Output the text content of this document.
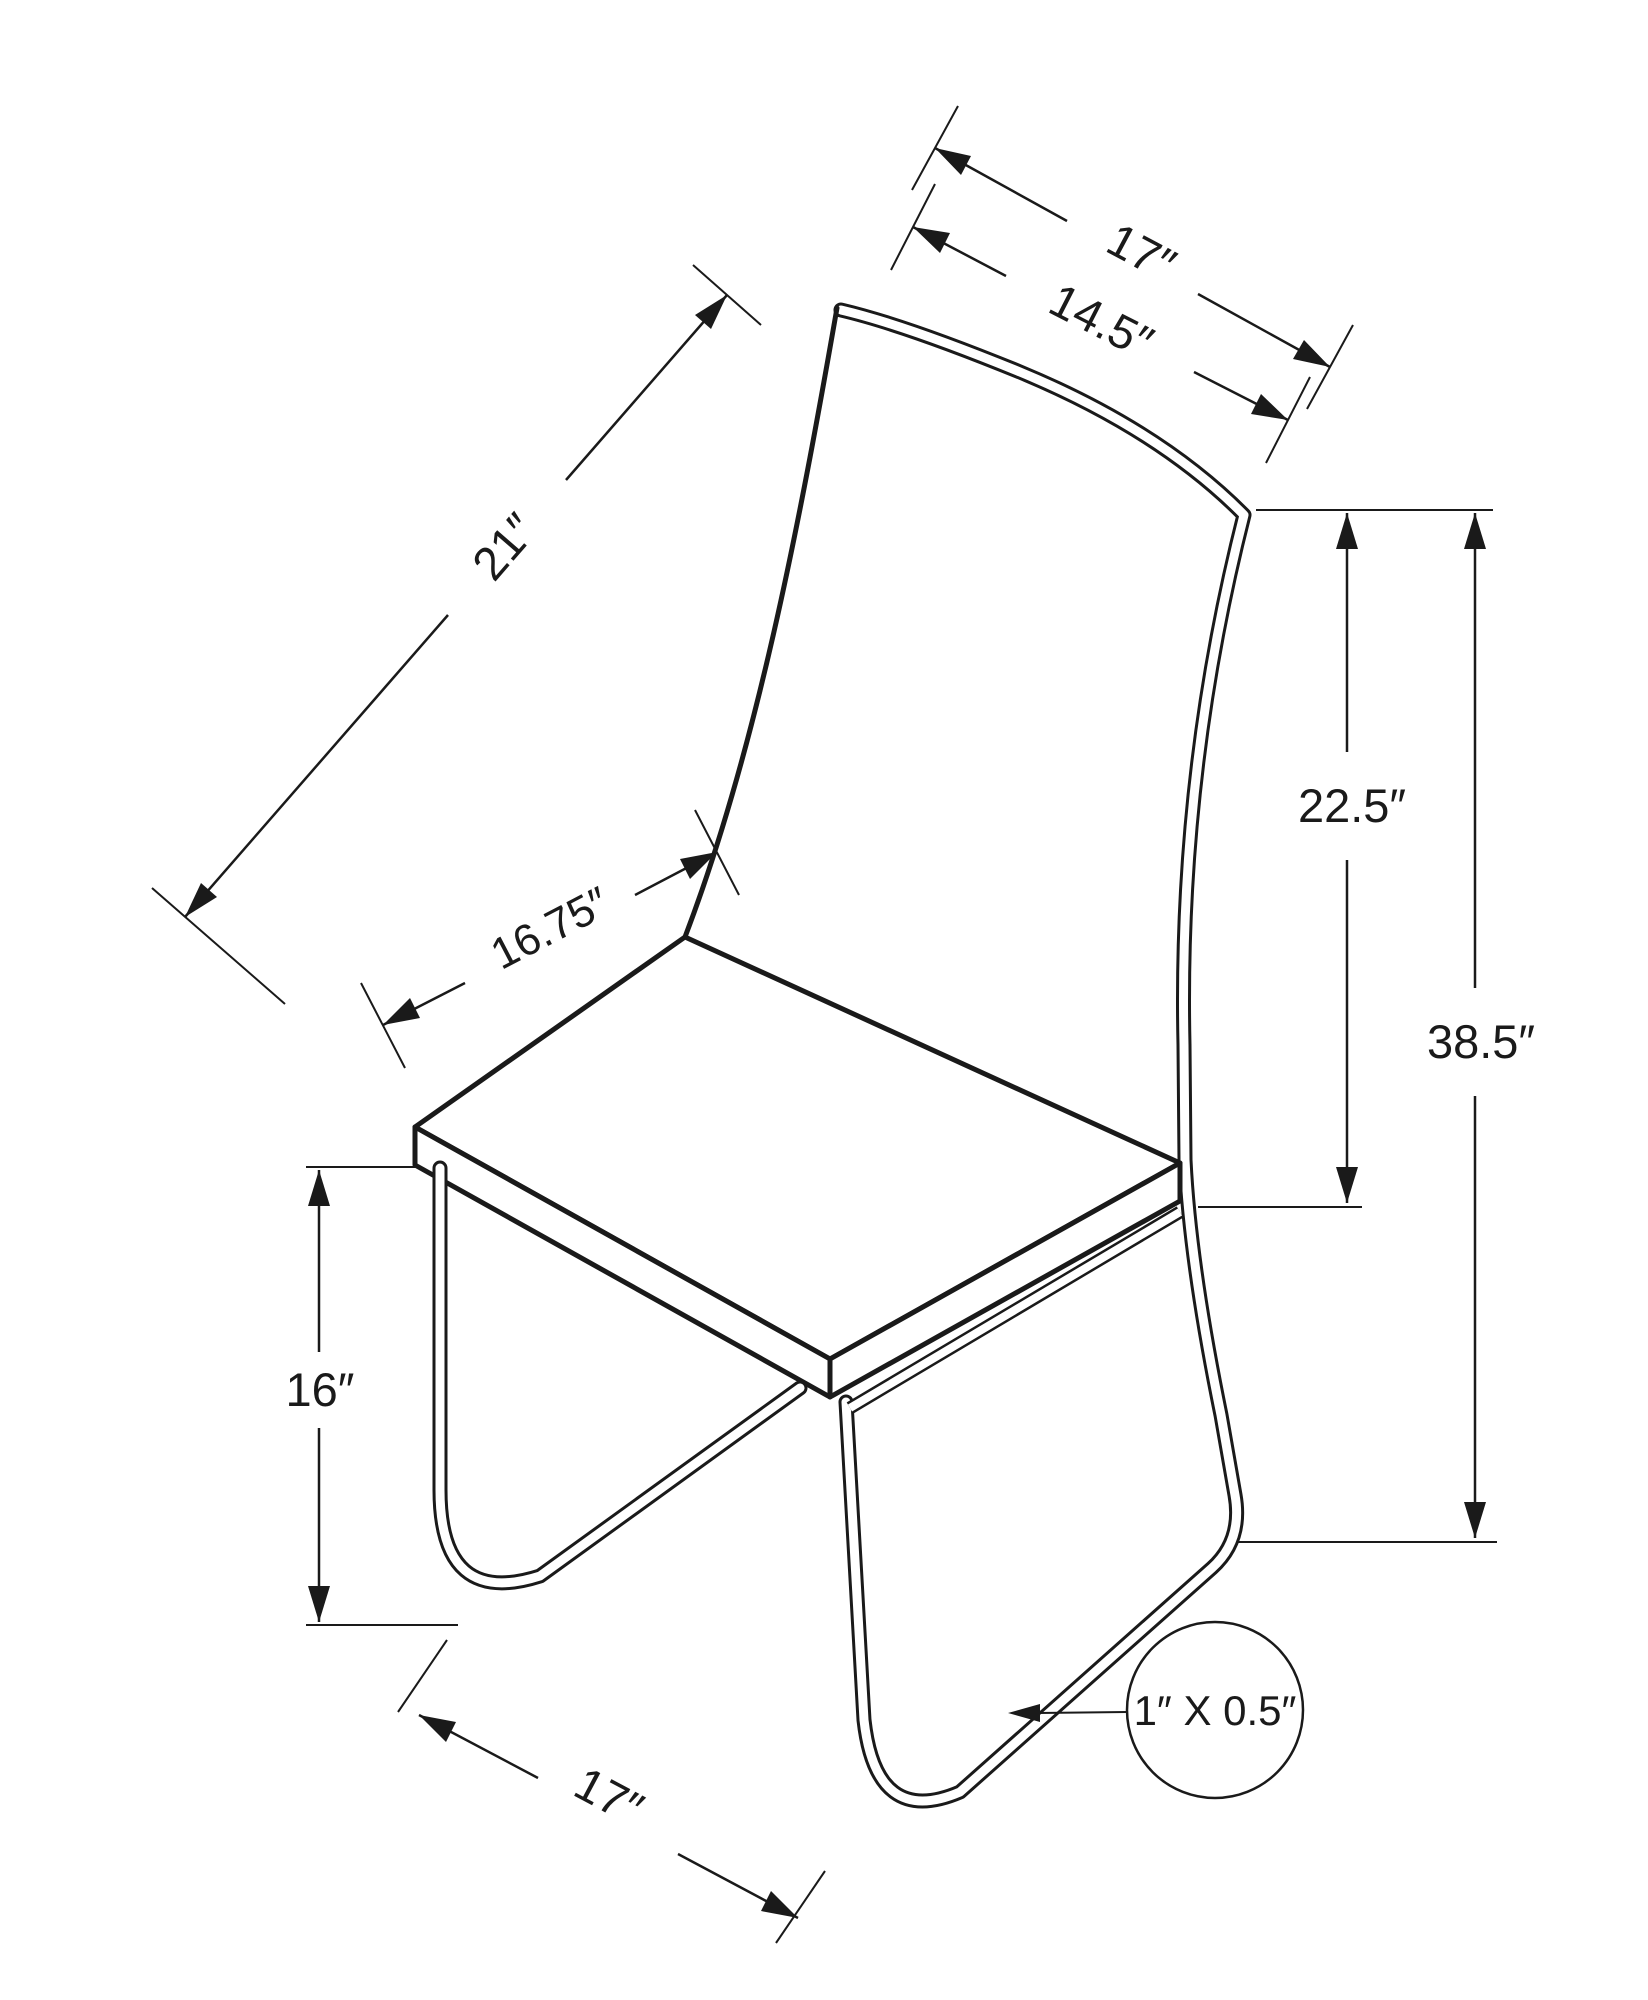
17″
14.5″
21″
16.75″
22.5″
38.5″
16″
17″
1″ X 0.5″
